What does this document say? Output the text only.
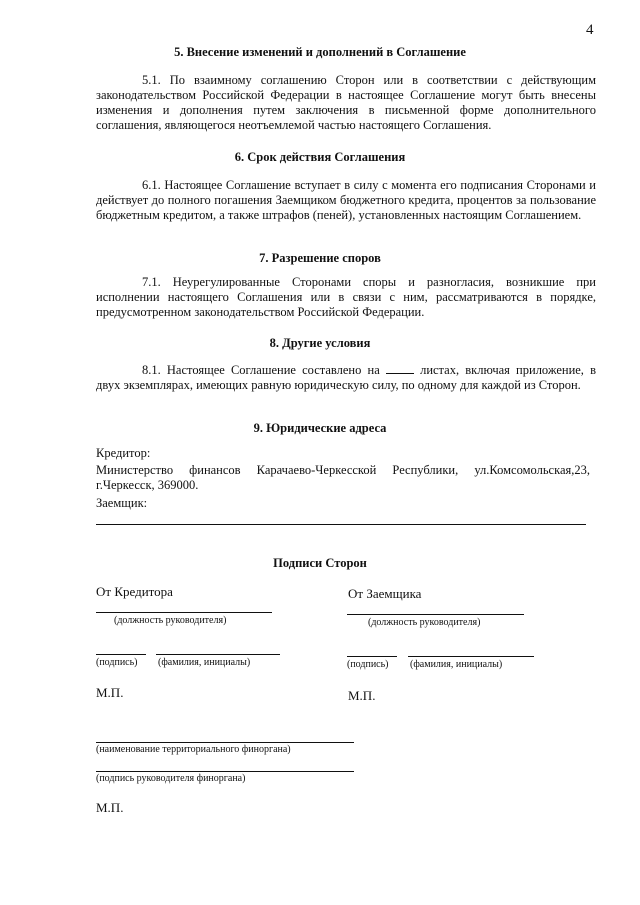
4
5. Внесение изменений и дополнений в Соглашение
5.1. По взаимному соглашению Сторон или в соответствии с действующим законодательством Российской Федерации в настоящее Соглашение могут быть внесены изменения и дополнения путем заключения в письменной форме дополнительного соглашения, являющегося неотъемлемой частью настоящего Соглашения.
6. Срок действия Соглашения
6.1. Настоящее Соглашение вступает в силу с момента его подписания Сторонами и действует до полного погашения Заемщиком бюджетного кредита, процентов за пользование бюджетным кредитом, а также штрафов (пеней), установленных настоящим Соглашением.
7. Разрешение споров
7.1. Неурегулированные Сторонами споры и разногласия, возникшие при исполнении настоящего Соглашения или в связи с ним, рассматриваются в порядке, предусмотренном законодательством Российской Федерации.
8. Другие условия
8.1. Настоящее Соглашение составлено на	листах, включая приложение, в двух экземплярах, имеющих равную юридическую силу, по одному для каждой из Сторон.
9. Юридические адреса
Кредитор:
Министерство финансов Карачаево-Черкесской Республики, ул.Комсомольская,23, г.Черкесск, 369000.
Заемщик:
Подписи Сторон
От Кредитора	От Заемщика
(должность руководителя)	(должность руководителя)
(подпись) (фамилия, инициалы)	(подпись) (фамилия, инициалы)
М.П.	М.П.
(наименование территориального финоргана)
(подпись руководителя финоргана)
М.П.
